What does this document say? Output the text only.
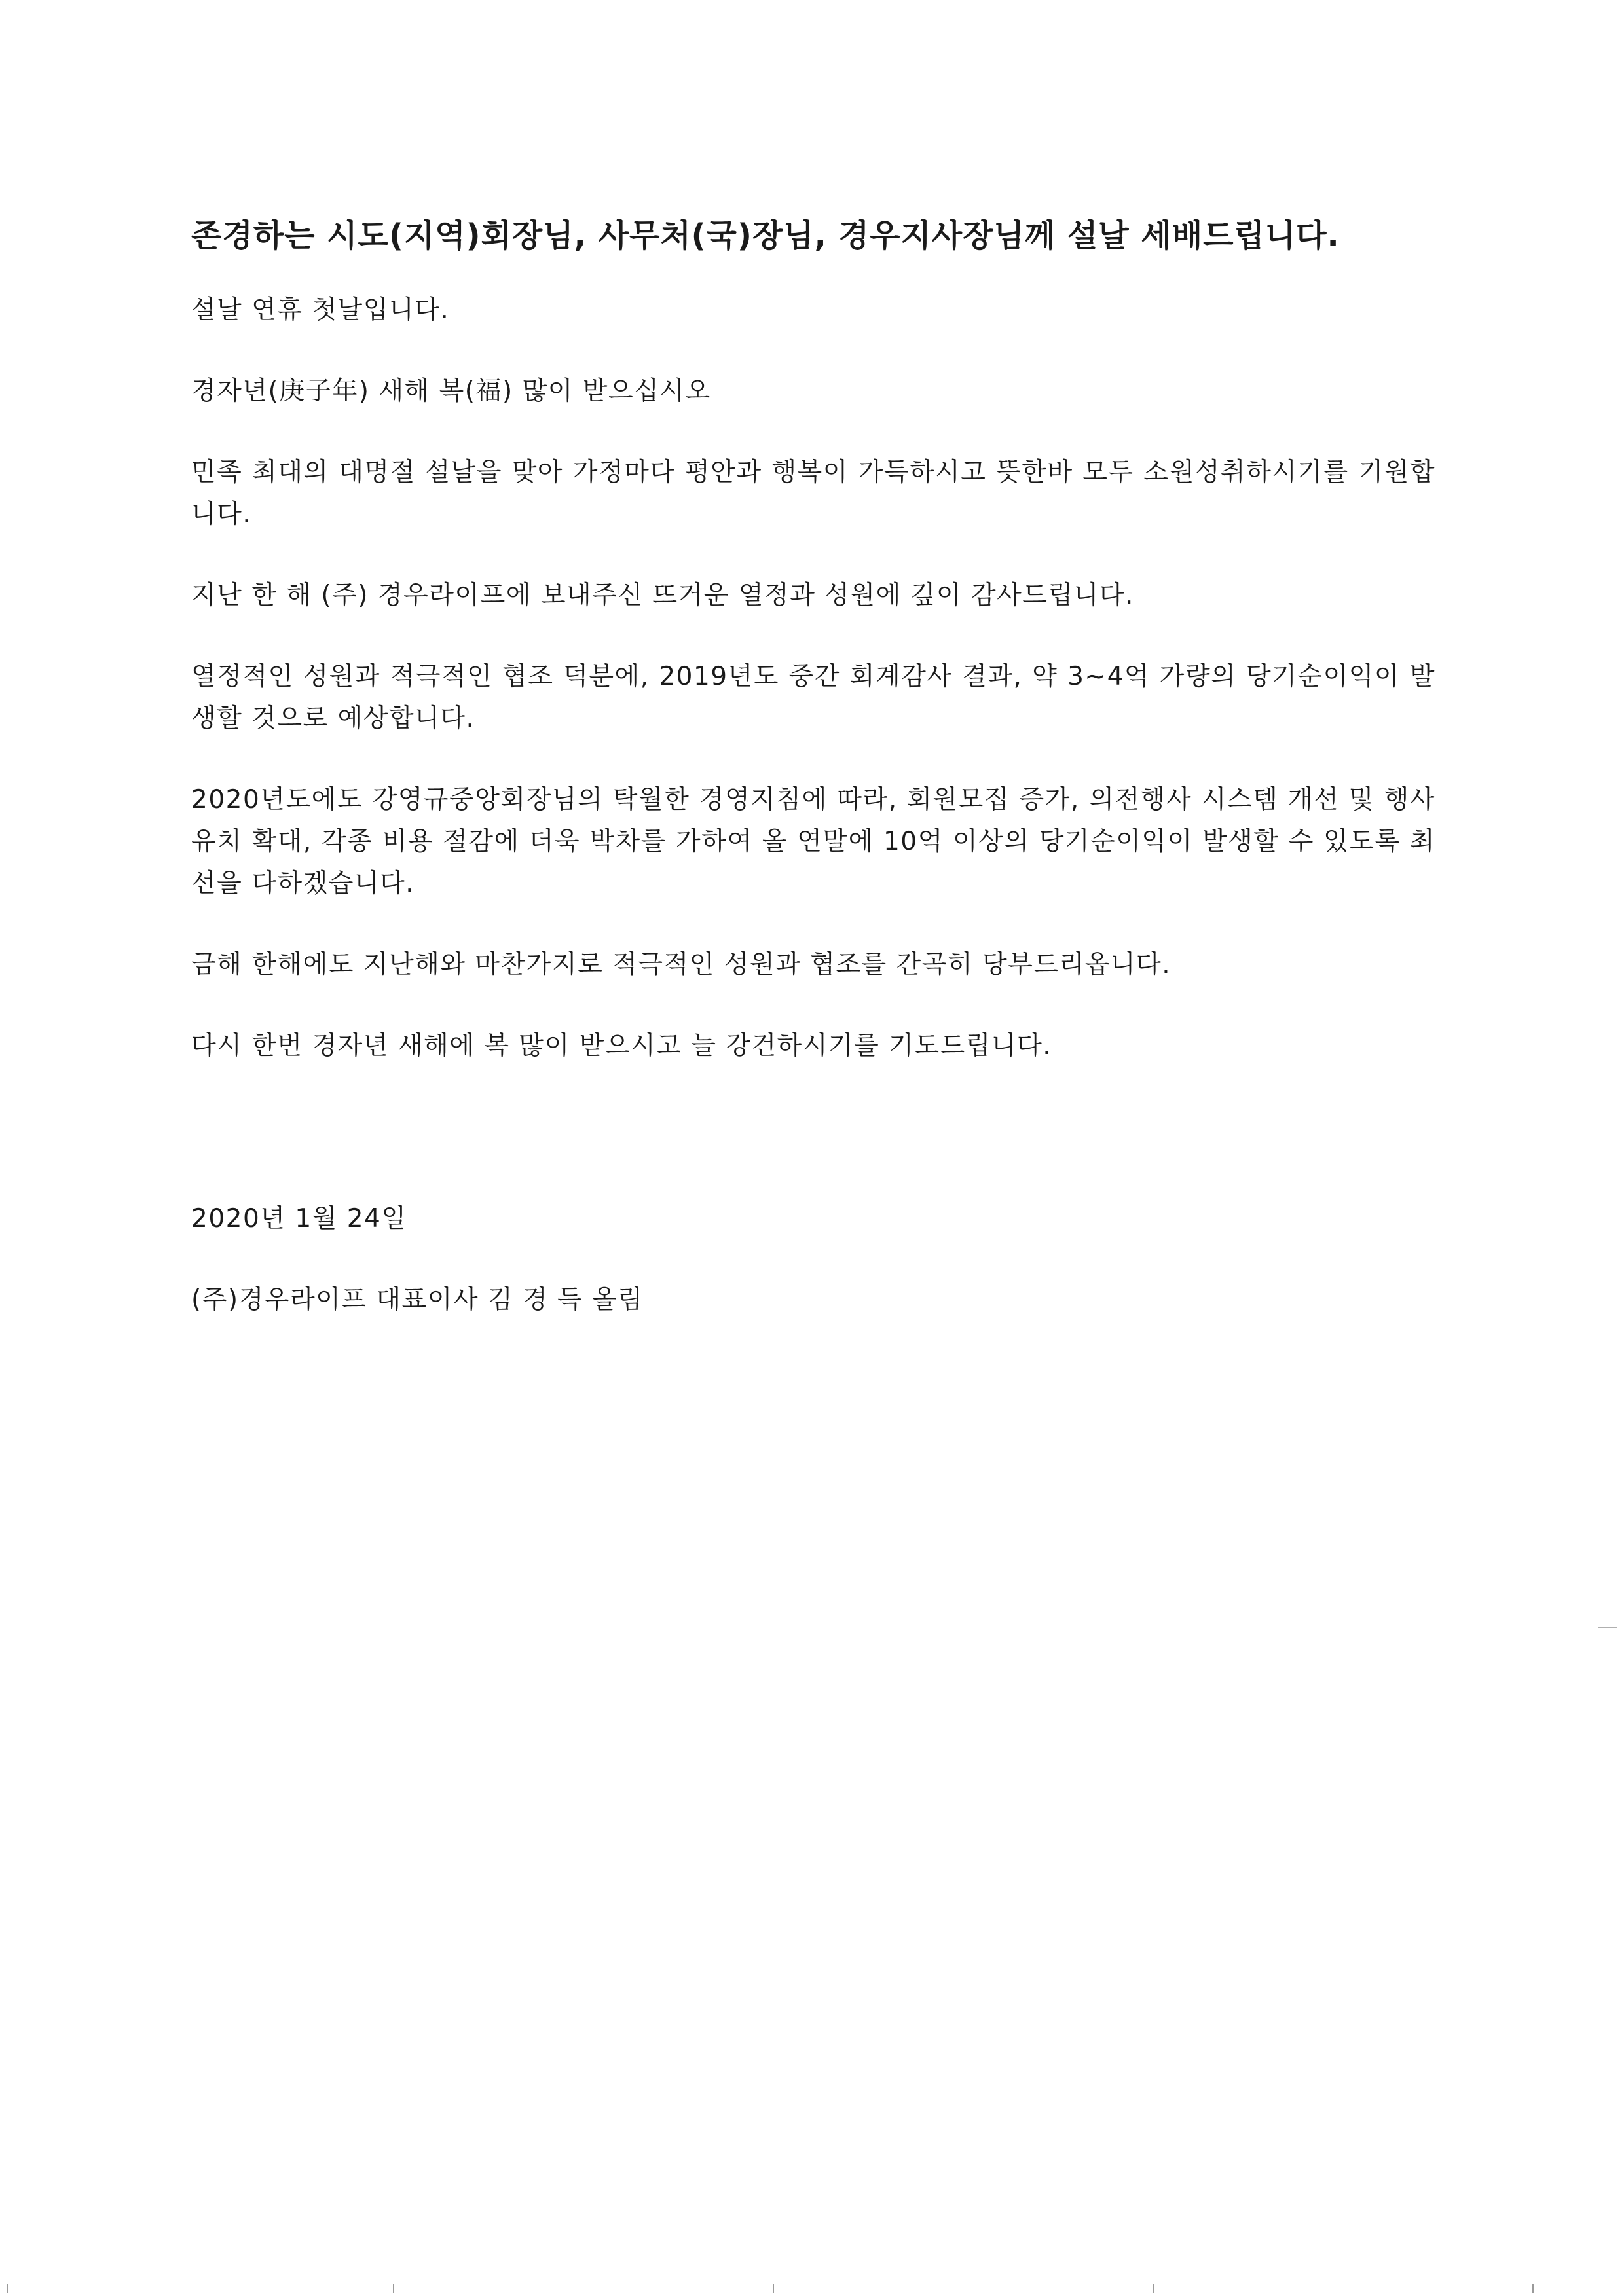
존경하는 시도(지역)회장님, 사무처(국)장님, 경우지사장님께 설날 세배드립니다.

설날 연휴 첫날입니다.

경자년(庚子年) 새해 복(福) 많이 받으십시오

민족 최대의 대명절 설날을 맞아 가정마다 평안과 행복이 가득하시고 뜻한바 모두 소원성취하시기를 기원합니다.

지난 한 해 (주) 경우라이프에 보내주신 뜨거운 열정과 성원에 깊이 감사드립니다.

열정적인 성원과 적극적인 협조 덕분에, 2019년도 중간 회계감사 결과, 약 3~4억 가량의 당기순이익이 발생할 것으로 예상합니다.

2020년도에도 강영규중앙회장님의 탁월한 경영지침에 따라, 회원모집 증가, 의전행사 시스템 개선 및 행사유치 확대, 각종 비용 절감에 더욱 박차를 가하여 올 연말에 10억 이상의 당기순이익이 발생할 수 있도록 최선을 다하겠습니다.

금해 한해에도 지난해와 마찬가지로 적극적인 성원과 협조를 간곡히 당부드리옵니다.

다시 한번 경자년 새해에 복 많이 받으시고 늘 강건하시기를 기도드립니다.

2020년 1월 24일

(주)경우라이프 대표이사 김 경 득 올림
